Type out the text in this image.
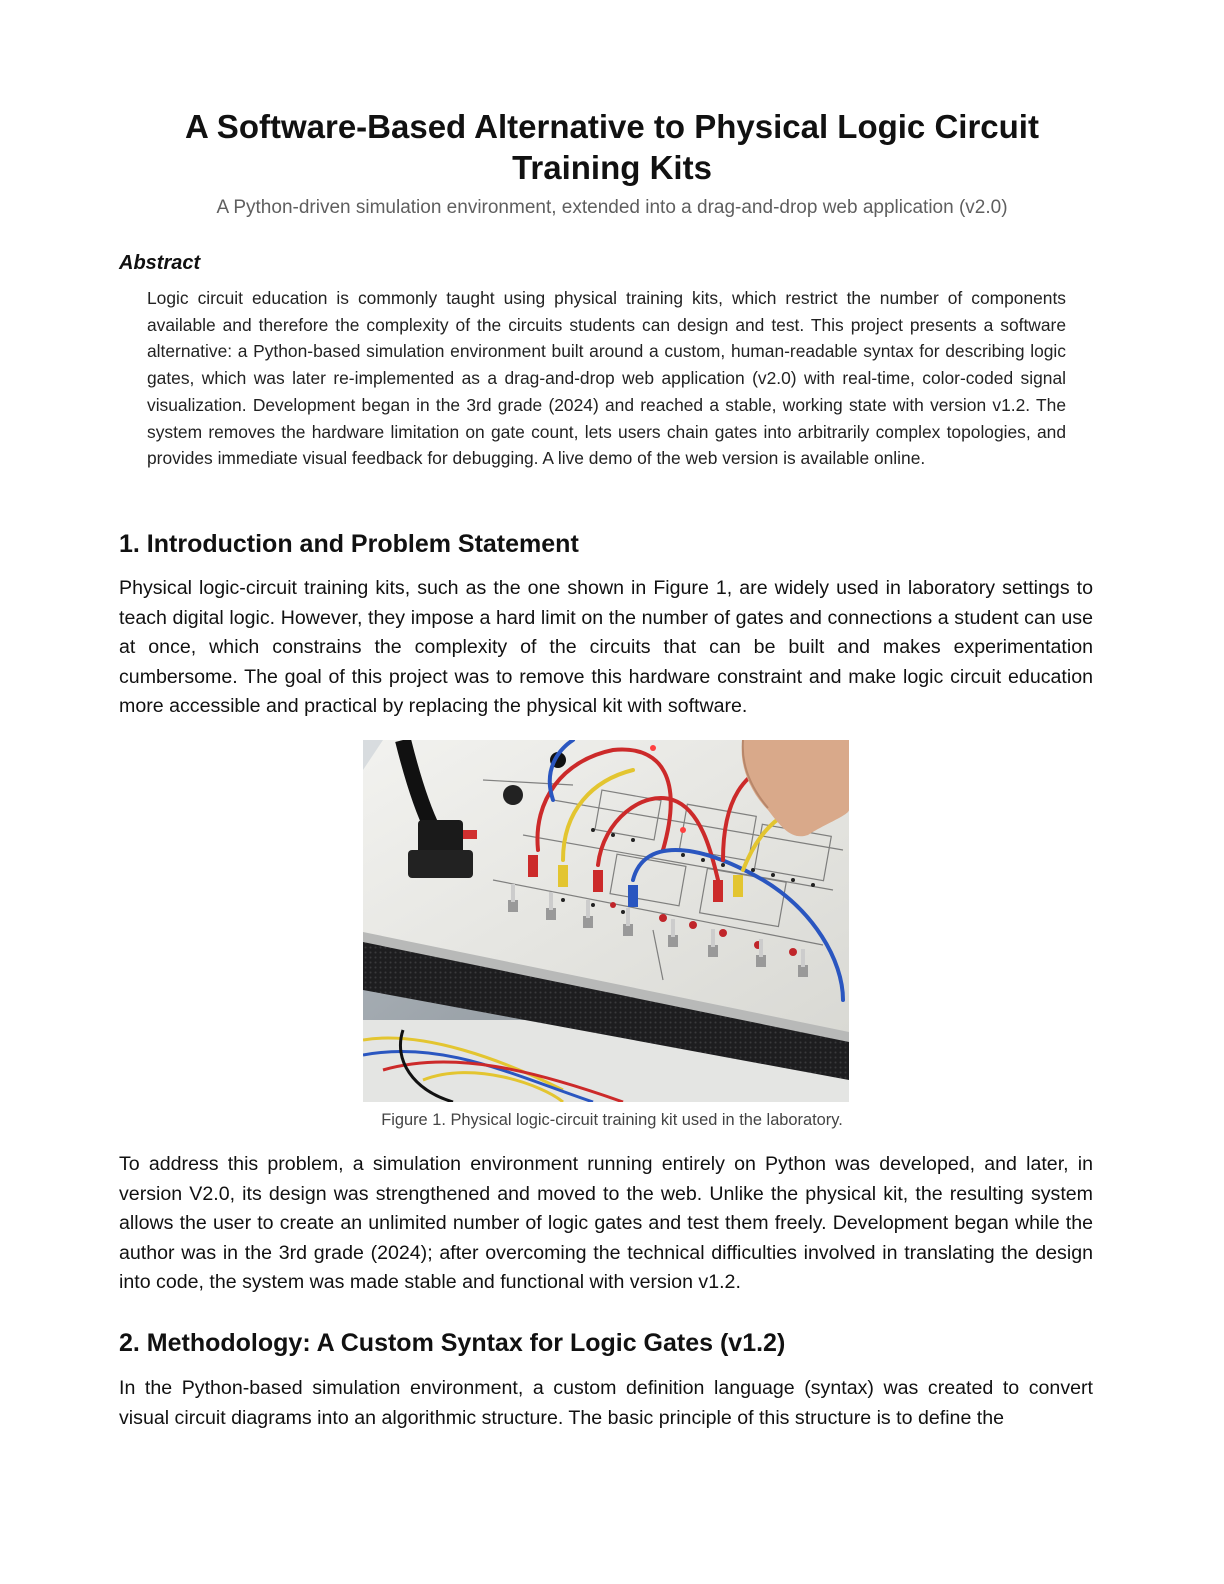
A Software-Based Alternative to Physical Logic Circuit Training Kits

A Python-driven simulation environment, extended into a drag-and-drop web application (v2.0)

Abstract

Logic circuit education is commonly taught using physical training kits, which restrict the number of components available and therefore the complexity of the circuits students can design and test. This project presents a software alternative: a Python-based simulation environment built around a custom, human-readable syntax for describing logic gates, which was later re-implemented as a drag-and-drop web application (v2.0) with real-time, color-coded signal visualization. Development began in the 3rd grade (2024) and reached a stable, working state with version v1.2. The system removes the hardware limitation on gate count, lets users chain gates into arbitrarily complex topologies, and provides immediate visual feedback for debugging. A live demo of the web version is available online.

1. Introduction and Problem Statement

Physical logic-circuit training kits, such as the one shown in Figure 1, are widely used in laboratory settings to teach digital logic. However, they impose a hard limit on the number of gates and connections a student can use at once, which constrains the complexity of the circuits that can be built and makes experimentation cumbersome. The goal of this project was to remove this hardware constraint and make logic circuit education more accessible and practical by replacing the physical kit with software.

Figure 1. Physical logic-circuit training kit used in the laboratory.

To address this problem, a simulation environment running entirely on Python was developed, and later, in version V2.0, its design was strengthened and moved to the web. Unlike the physical kit, the resulting system allows the user to create an unlimited number of logic gates and test them freely. Development began while the author was in the 3rd grade (2024); after overcoming the technical difficulties involved in translating the design into code, the system was made stable and functional with version v1.2.

2. Methodology: A Custom Syntax for Logic Gates (v1.2)

In the Python-based simulation environment, a custom definition language (syntax) was created to convert visual circuit diagrams into an algorithmic structure. The basic principle of this structure is to define the
